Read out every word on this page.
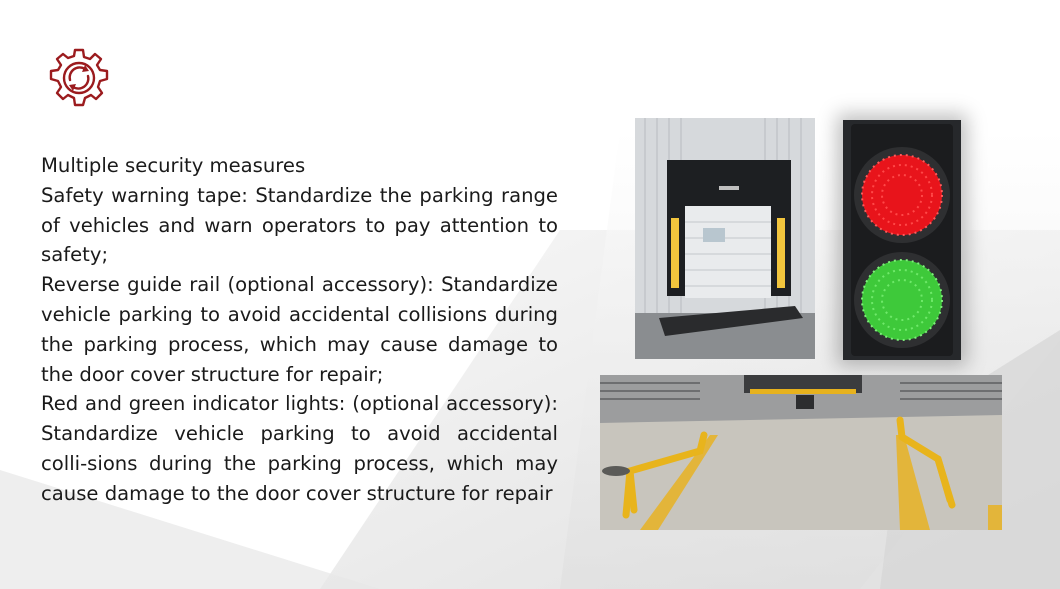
Multiple security measures

Safety warning tape: Standardize the parking range of vehicles and warn operators to pay attention to safety;

Reverse guide rail (optional accessory): Standardize vehicle parking to avoid accidental collisions during the parking process, which may cause damage to the door cover structure for repair;

Red and green indicator lights: (optional accessory): Standardize vehicle parking to avoid accidental colli-sions during the parking process, which may cause damage to the door cover structure for repair
